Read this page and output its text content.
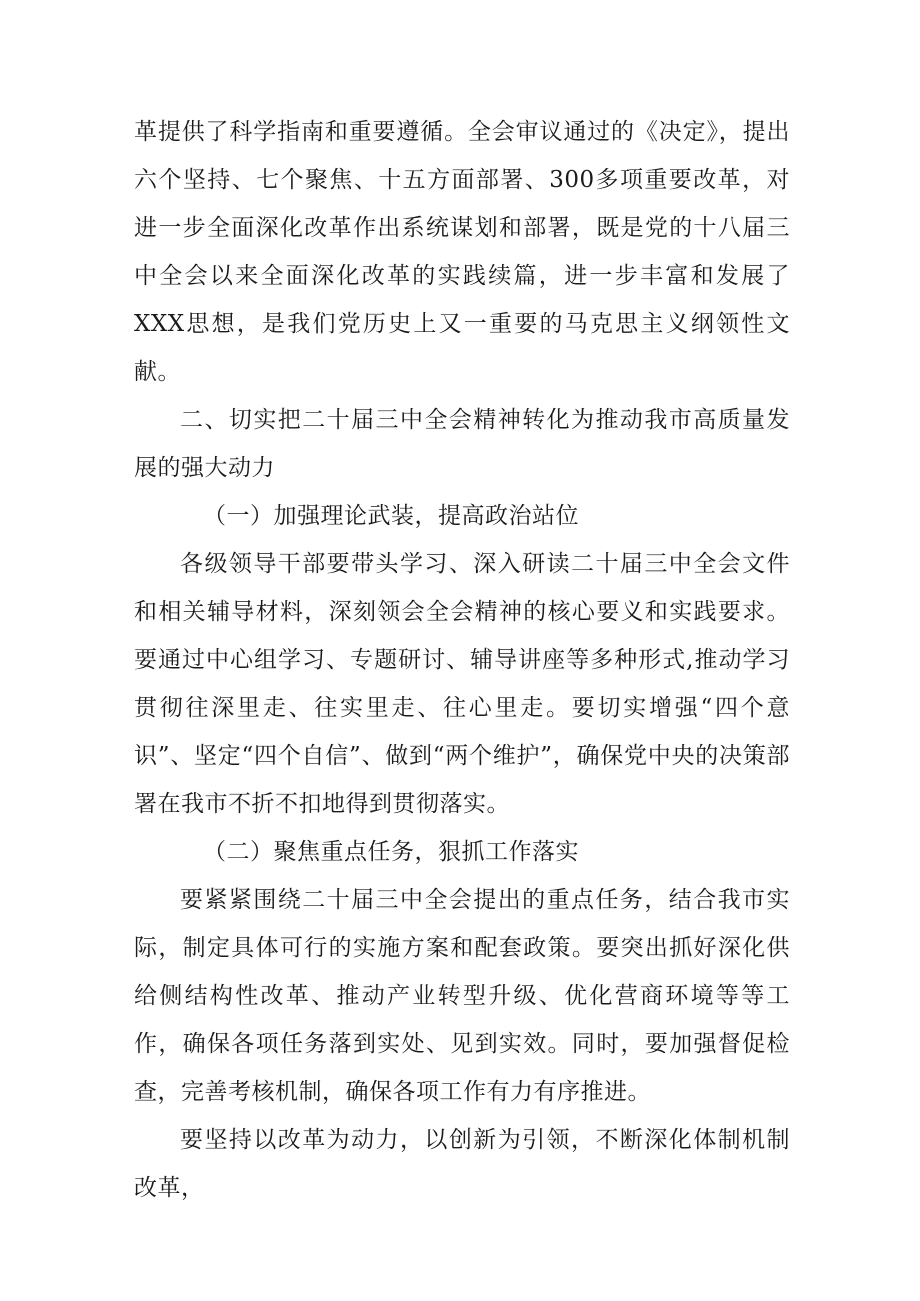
革提供了科学指南和重要遵循。全会审议通过的《决定》，提出六个坚持、七个聚焦、十五方面部署、300多项重要改革，对进一步全面深化改革作出系统谋划和部署，既是党的十八届三中全会以来全面深化改革的实践续篇，进一步丰富和发展了XXX思想，是我们党历史上又一重要的马克思主义纲领性文献。

二、切实把二十届三中全会精神转化为推动我市高质量发展的强大动力

（一）加强理论武装，提高政治站位

各级领导干部要带头学习、深入研读二十届三中全会文件和相关辅导材料，深刻领会全会精神的核心要义和实践要求。要通过中心组学习、专题研讨、辅导讲座等多种形式,推动学习贯彻往深里走、往实里走、往心里走。要切实增强“四个意识”、坚定“四个自信”、做到“两个维护”，确保党中央的决策部署在我市不折不扣地得到贯彻落实。

（二）聚焦重点任务，狠抓工作落实

要紧紧围绕二十届三中全会提出的重点任务，结合我市实际，制定具体可行的实施方案和配套政策。要突出抓好深化供给侧结构性改革、推动产业转型升级、优化营商环境等等工作，确保各项任务落到实处、见到实效。同时，要加强督促检查，完善考核机制，确保各项工作有力有序推进。

要坚持以改革为动力，以创新为引领，不断深化体制机制改革，
